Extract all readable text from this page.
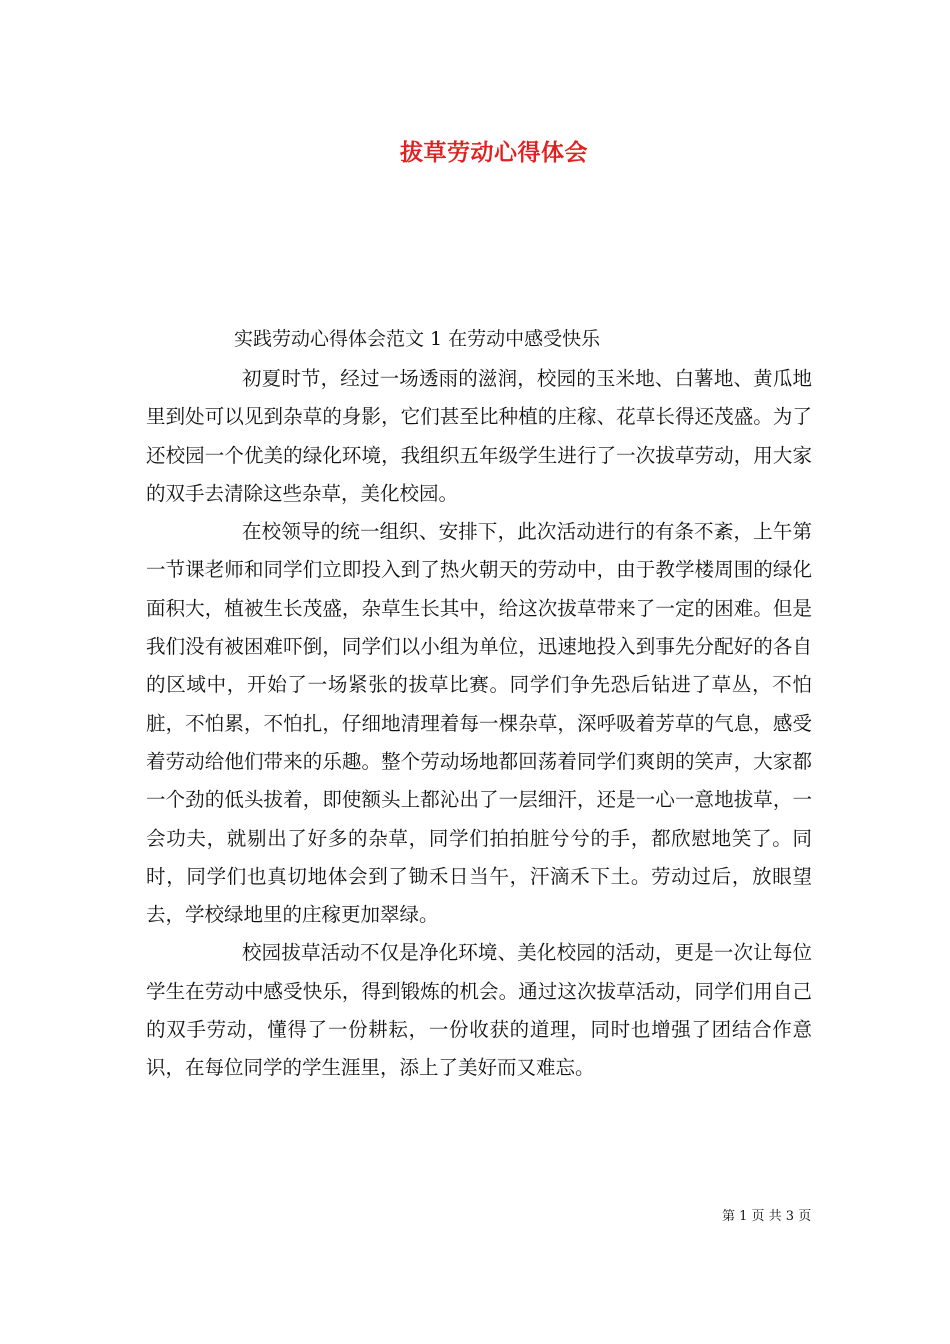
拔草劳动心得体会
实践劳动心得体会范文 1 在劳动中感受快乐

初夏时节，经过一场透雨的滋润，校园的玉米地、白薯地、黄瓜地里到处可以见到杂草的身影，它们甚至比种植的庄稼、花草长得还茂盛。为了还校园一个优美的绿化环境，我组织五年级学生进行了一次拔草劳动，用大家的双手去清除这些杂草，美化校园。

在校领导的统一组织、安排下，此次活动进行的有条不紊，上午第一节课老师和同学们立即投入到了热火朝天的劳动中，由于教学楼周围的绿化面积大，植被生长茂盛，杂草生长其中，给这次拔草带来了一定的困难。但是我们没有被困难吓倒，同学们以小组为单位，迅速地投入到事先分配好的各自的区域中，开始了一场紧张的拔草比赛。同学们争先恐后钻进了草丛，不怕脏，不怕累，不怕扎，仔细地清理着每一棵杂草，深呼吸着芳草的气息，感受着劳动给他们带来的乐趣。整个劳动场地都回荡着同学们爽朗的笑声，大家都一个劲的低头拔着，即使额头上都沁出了一层细汗，还是一心一意地拔草，一会功夫，就剔出了好多的杂草，同学们拍拍脏兮兮的手，都欣慰地笑了。同时，同学们也真切地体会到了锄禾日当午，汗滴禾下土。劳动过后，放眼望去，学校绿地里的庄稼更加翠绿。

校园拔草活动不仅是净化环境、美化校园的活动，更是一次让每位学生在劳动中感受快乐，得到锻炼的机会。通过这次拔草活动，同学们用自己的双手劳动，懂得了一份耕耘，一份收获的道理，同时也增强了团结合作意识，在每位同学的学生涯里，添上了美好而又难忘。

第 1 页 共 3 页
